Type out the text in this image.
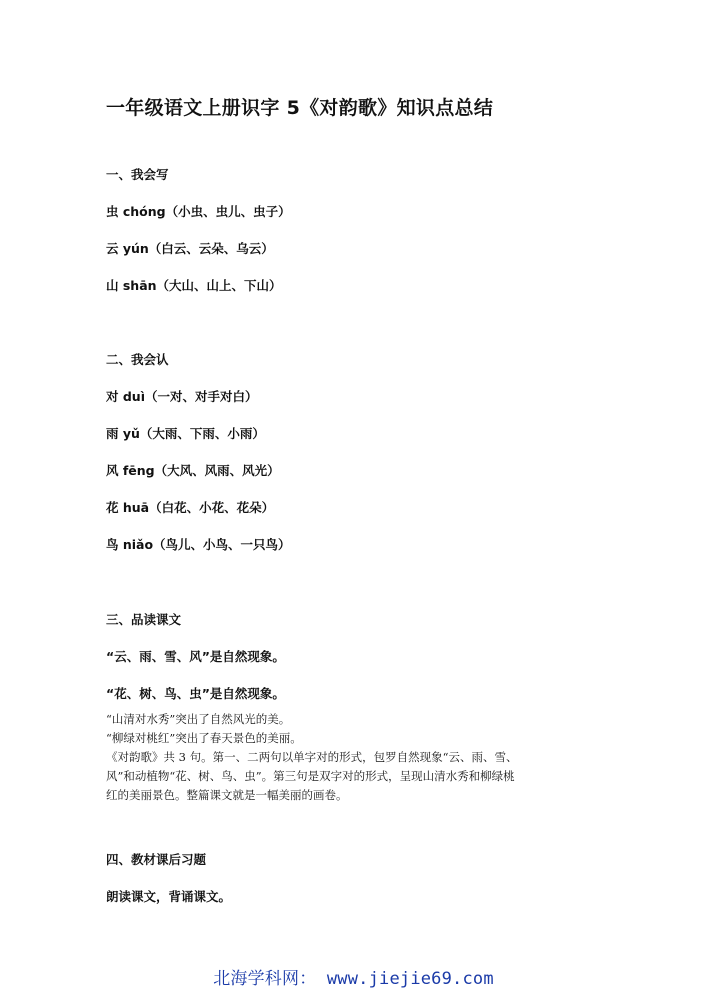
一年级语文上册识字 5《对韵歌》知识点总结
一、我会写
虫 chóng（小虫、虫儿、虫子）
云 yún（白云、云朵、乌云）
山 shān（大山、山上、下山）
二、我会认
对 duì（一对、对手对白）
雨 yǔ（大雨、下雨、小雨）
风 fēng（大风、风雨、风光）
花 huā（白花、小花、花朵）
鸟 niǎo（鸟儿、小鸟、一只鸟）
三、品读课文
“云、雨、雪、风”是自然现象。
“花、树、鸟、虫”是自然现象。
“山清对水秀”突出了自然风光的美。
“柳绿对桃红”突出了春天景色的美丽。
《对韵歌》共 3 句。第一、二两句以单字对的形式，包罗自然现象“云、雨、雪、
风”和动植物“花、树、鸟、虫”。第三句是双字对的形式，呈现山清水秀和柳绿桃
红的美丽景色。整篇课文就是一幅美丽的画卷。
四、教材课后习题
朗读课文，背诵课文。
北海学科网： www.jiejie69.com
